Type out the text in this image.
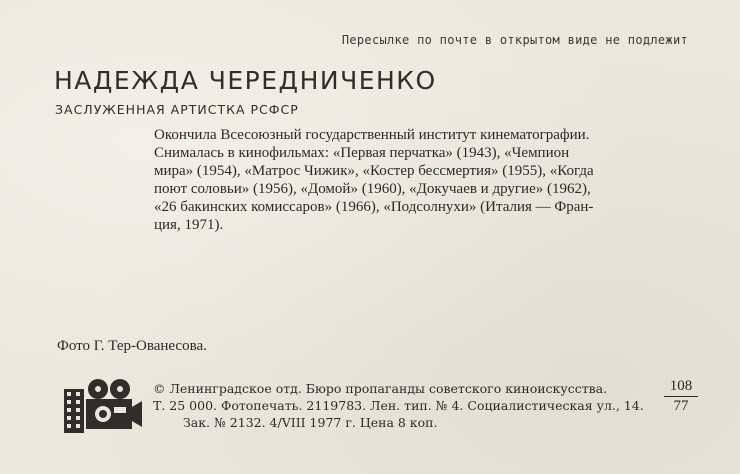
Пересылке по почте в открытом виде не подлежит
НАДЕЖДА ЧЕРЕДНИЧЕНКО
ЗАСЛУЖЕННАЯ АРТИСТКА РСФСР
Окончила Всесоюзный государственный институт кинематографии.
Снималась в кинофильмах: «Первая перчатка» (1943), «Чемпион
мира» (1954), «Матрос Чижик», «Костер бессмертия» (1955), «Когда
поют соловьи» (1956), «Домой» (1960), «Докучаев и другие» (1962),
«26 бакинских комиссаров» (1966), «Подсолнухи» (Италия — Фран-
ция, 1971).
Фото Г. Тер-Ованесова.
© Ленинградское отд. Бюро пропаганды советского киноискусства.
Т. 25 000. Фотопечать. 2119783. Лен. тип. № 4. Социалистическая ул., 14.
Зак. № 2132. 4/VIII 1977 г. Цена 8 коп.
$\frac{108}{77}$
